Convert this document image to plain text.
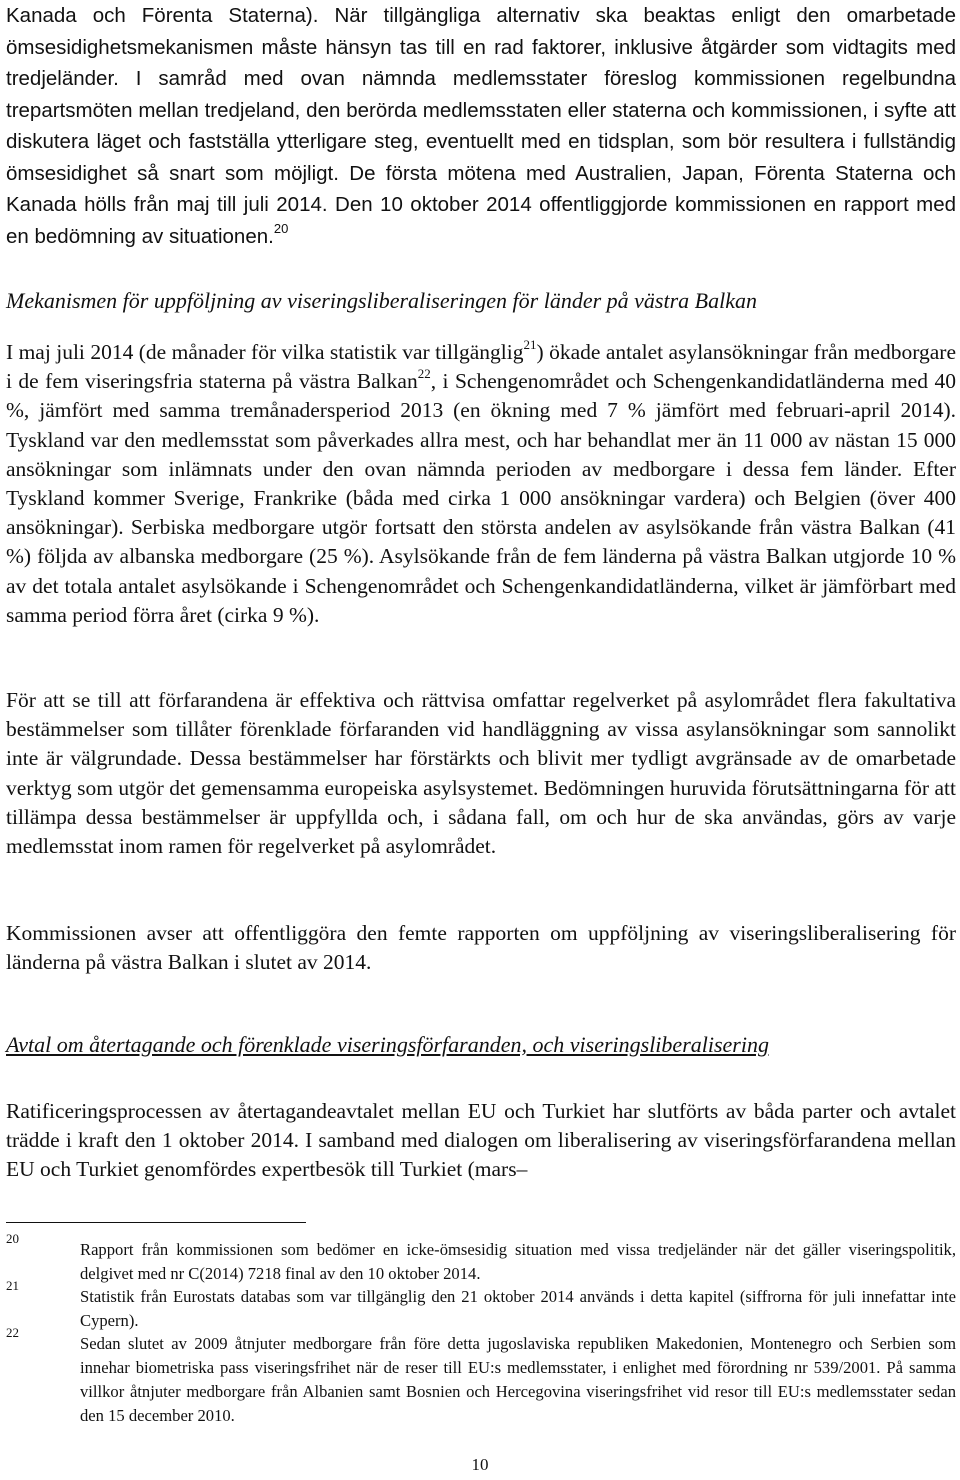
Kanada och Förenta Staterna). När tillgängliga alternativ ska beaktas enligt den omarbetade ömsesidighetsmekanismen måste hänsyn tas till en rad faktorer, inklusive åtgärder som vidtagits med tredjeländer. I samråd med ovan nämnda medlemsstater föreslog kommissionen regelbundna trepartsmöten mellan tredjeland, den berörda medlemsstaten eller staterna och kommissionen, i syfte att diskutera läget och fastställa ytterligare steg, eventuellt med en tidsplan, som bör resultera i fullständig ömsesidighet så snart som möjligt. De första mötena med Australien, Japan, Förenta Staterna och Kanada hölls från maj till juli 2014. Den 10 oktober 2014 offentliggjorde kommissionen en rapport med en bedömning av situationen.$^{20}$

Mekanismen för uppföljning av viseringsliberaliseringen för länder på västra Balkan

I maj juli 2014 (de månader för vilka statistik var tillgänglig$^{21}$) ökade antalet asylansökningar från medborgare i de fem viseringsfria staterna på västra Balkan$^{22}$, i Schengenområdet och Schengenkandidatländerna med 40 %, jämfört med samma tremånadersperiod 2013 (en ökning med 7 % jämfört med februari-april 2014). Tyskland var den medlemsstat som påverkades allra mest, och har behandlat mer än 11 000 av nästan 15 000 ansökningar som inlämnats under den ovan nämnda perioden av medborgare i dessa fem länder. Efter Tyskland kommer Sverige, Frankrike (båda med cirka 1 000 ansökningar vardera) och Belgien (över 400 ansökningar). Serbiska medborgare utgör fortsatt den största andelen av asylsökande från västra Balkan (41 %) följda av albanska medborgare (25 %). Asylsökande från de fem länderna på västra Balkan utgjorde 10 % av det totala antalet asylsökande i Schengenområdet och Schengenkandidatländerna, vilket är jämförbart med samma period förra året (cirka 9 %).

För att se till att förfarandena är effektiva och rättvisa omfattar regelverket på asylområdet flera fakultativa bestämmelser som tillåter förenklade förfaranden vid handläggning av vissa asylansökningar som sannolikt inte är välgrundade. Dessa bestämmelser har förstärkts och blivit mer tydligt avgränsade av de omarbetade verktyg som utgör det gemensamma europeiska asylsystemet. Bedömningen huruvida förutsättningarna för att tillämpa dessa bestämmelser är uppfyllda och, i sådana fall, om och hur de ska användas, görs av varje medlemsstat inom ramen för regelverket på asylområdet.

Kommissionen avser att offentliggöra den femte rapporten om uppföljning av viseringsliberalisering för länderna på västra Balkan i slutet av 2014.

Avtal om återtagande och förenklade viseringsförfaranden, och viseringsliberalisering

Ratificeringsprocessen av återtagandeavtalet mellan EU och Turkiet har slutförts av båda parter och avtalet trädde i kraft den 1 oktober 2014. I samband med dialogen om liberalisering av viseringsförfarandena mellan EU och Turkiet genomfördes expertbesök till Turkiet (mars–

20

Rapport från kommissionen som bedömer en icke-ömsesidig situation med vissa tredjeländer när det gäller viseringspolitik, delgivet med nr C(2014) 7218 final av den 10 oktober 2014.

21

Statistik från Eurostats databas som var tillgänglig den 21 oktober 2014 används i detta kapitel (siffrorna för juli innefattar inte Cypern).

22

Sedan slutet av 2009 åtnjuter medborgare från före detta jugoslaviska republiken Makedonien, Montenegro och Serbien som innehar biometriska pass viseringsfrihet när de reser till EU:s medlemsstater, i enlighet med förordning nr 539/2001. På samma villkor åtnjuter medborgare från Albanien samt Bosnien och Hercegovina viseringsfrihet vid resor till EU:s medlemsstater sedan den 15 december 2010.

10
